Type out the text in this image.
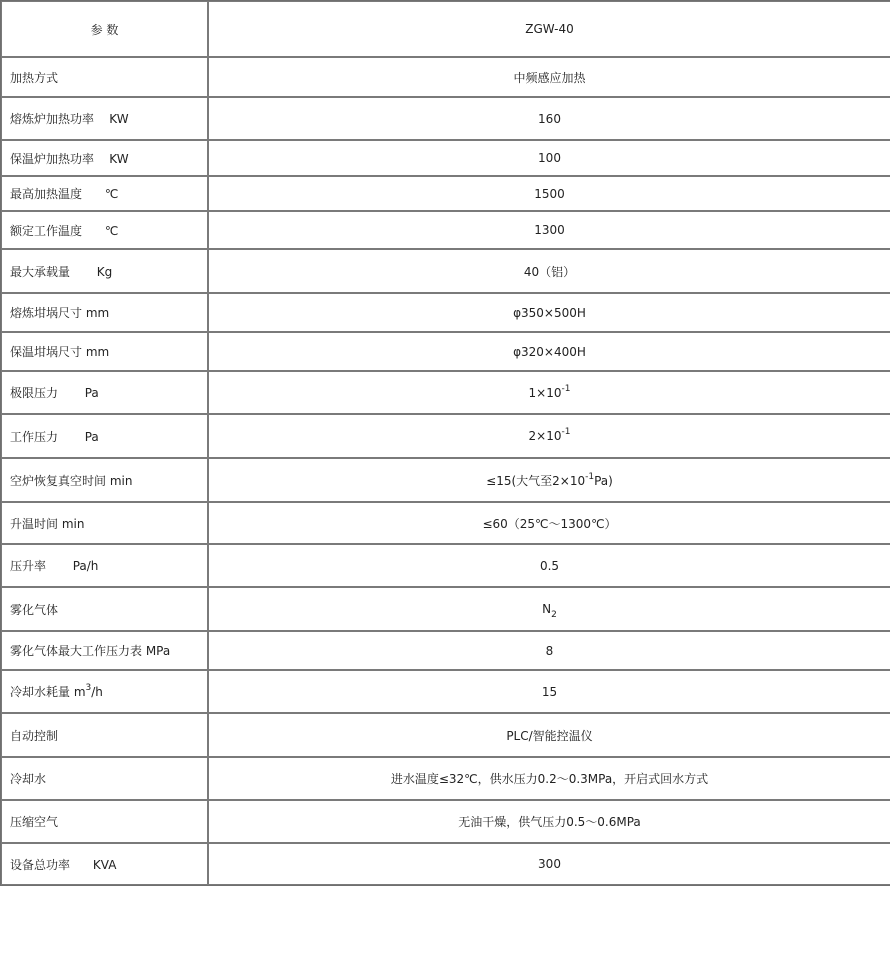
参 数	ZGW-40
加热方式	中频感应加热
熔炼炉加热功率    KW	160
保温炉加热功率    KW	100
最高加热温度      ℃	1500
额定工作温度      ℃	1300
最大承载量       Kg	40（铝）
熔炼坩埚尺寸 mm	φ350×500H
保温坩埚尺寸 mm	φ320×400H
极限压力       Pa	$1\times 10^{-1}$
工作压力       Pa	$2\times 10^{-1}$
空炉恢复真空时间 min	≤15(大气至$2\times 10^{-1}Pa$)
升温时间 min	≤60（25℃～1300℃）
压升率       Pa/h	0.5
雾化气体	$N_2$
雾化气体最大工作压力表 MPa	8
冷却水耗量 $m^3/h$	15
自动控制	PLC/智能控温仪
冷却水	进水温度≤32℃，供水压力0.2～0.3MPa，开启式回水方式
压缩空气	无油干燥，供气压力0.5～0.6MPa
设备总功率      KVA	300
